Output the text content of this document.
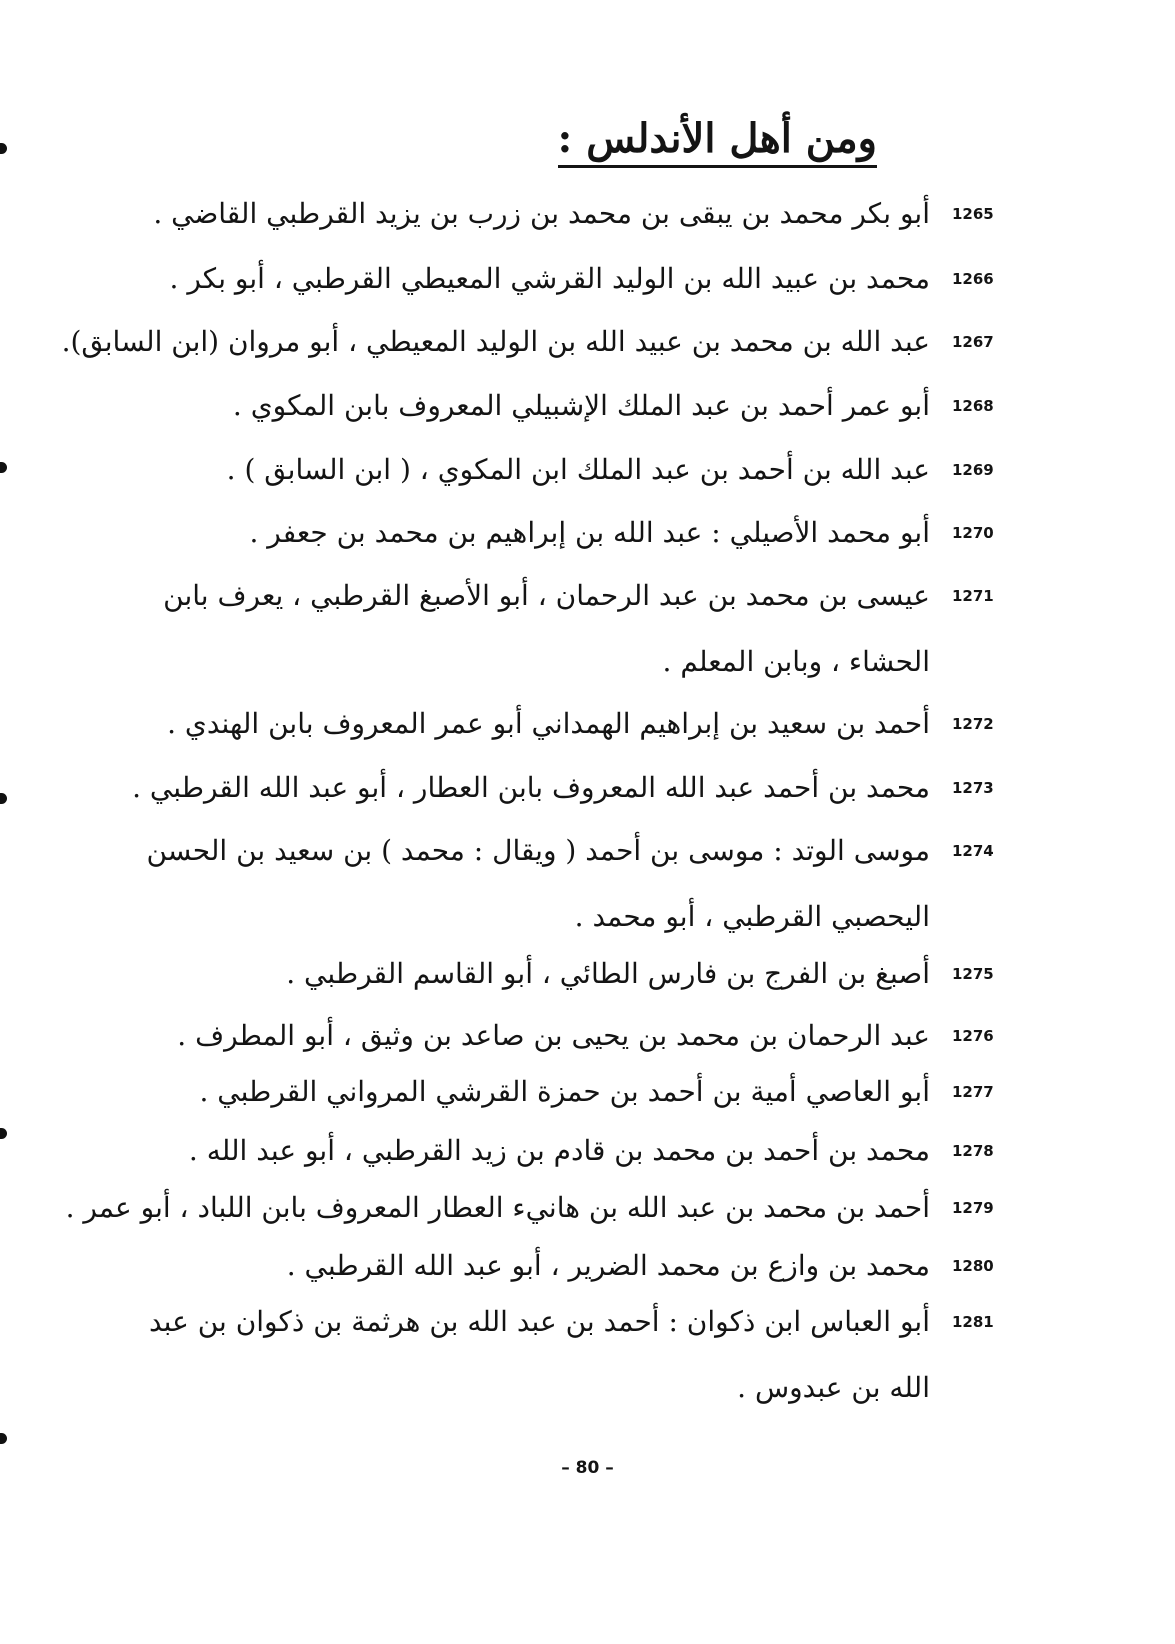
ومن أهل الأندلس :
1265
أبو بكر محمد بن يبقى بن محمد بن زرب بن يزيد القرطبي القاضي .
1266
محمد بن عبيد الله بن الوليد القرشي المعيطي القرطبي ، أبو بكر .
1267
عبد الله بن محمد بن عبيد الله بن الوليد المعيطي ، أبو مروان (ابن السابق).
1268
أبو عمر أحمد بن عبد الملك الإشبيلي المعروف بابن المكوي .
1269
عبد الله بن أحمد بن عبد الملك ابن المكوي ، ( ابن السابق ) .
1270
أبو محمد الأصيلي : عبد الله بن إبراهيم بن محمد بن جعفر .
1271
عيسى بن محمد بن عبد الرحمان ، أبو الأصبغ القرطبي ، يعرف بابن الحشاء ، وبابن المعلم .
1272
أحمد بن سعيد بن إبراهيم الهمداني أبو عمر المعروف بابن الهندي .
1273
محمد بن أحمد عبد الله المعروف بابن العطار ، أبو عبد الله القرطبي .
1274
موسى الوتد : موسى بن أحمد ( ويقال : محمد ) بن سعيد بن الحسن اليحصبي القرطبي ، أبو محمد .
1275
أصبغ بن الفرج بن فارس الطائي ، أبو القاسم القرطبي .
1276
عبد الرحمان بن محمد بن يحيى بن صاعد بن وثيق ، أبو المطرف .
1277
أبو العاصي أمية بن أحمد بن حمزة القرشي المرواني القرطبي .
1278
محمد بن أحمد بن محمد بن قادم بن زيد القرطبي ، أبو عبد الله .
1279
أحمد بن محمد بن عبد الله بن هانيء العطار المعروف بابن اللباد ، أبو عمر .
1280
محمد بن وازع بن محمد الضرير ، أبو عبد الله القرطبي .
1281
أبو العباس ابن ذكوان : أحمد بن عبد الله بن هرثمة بن ذكوان بن عبد الله بن عبدوس .
– 80 –
